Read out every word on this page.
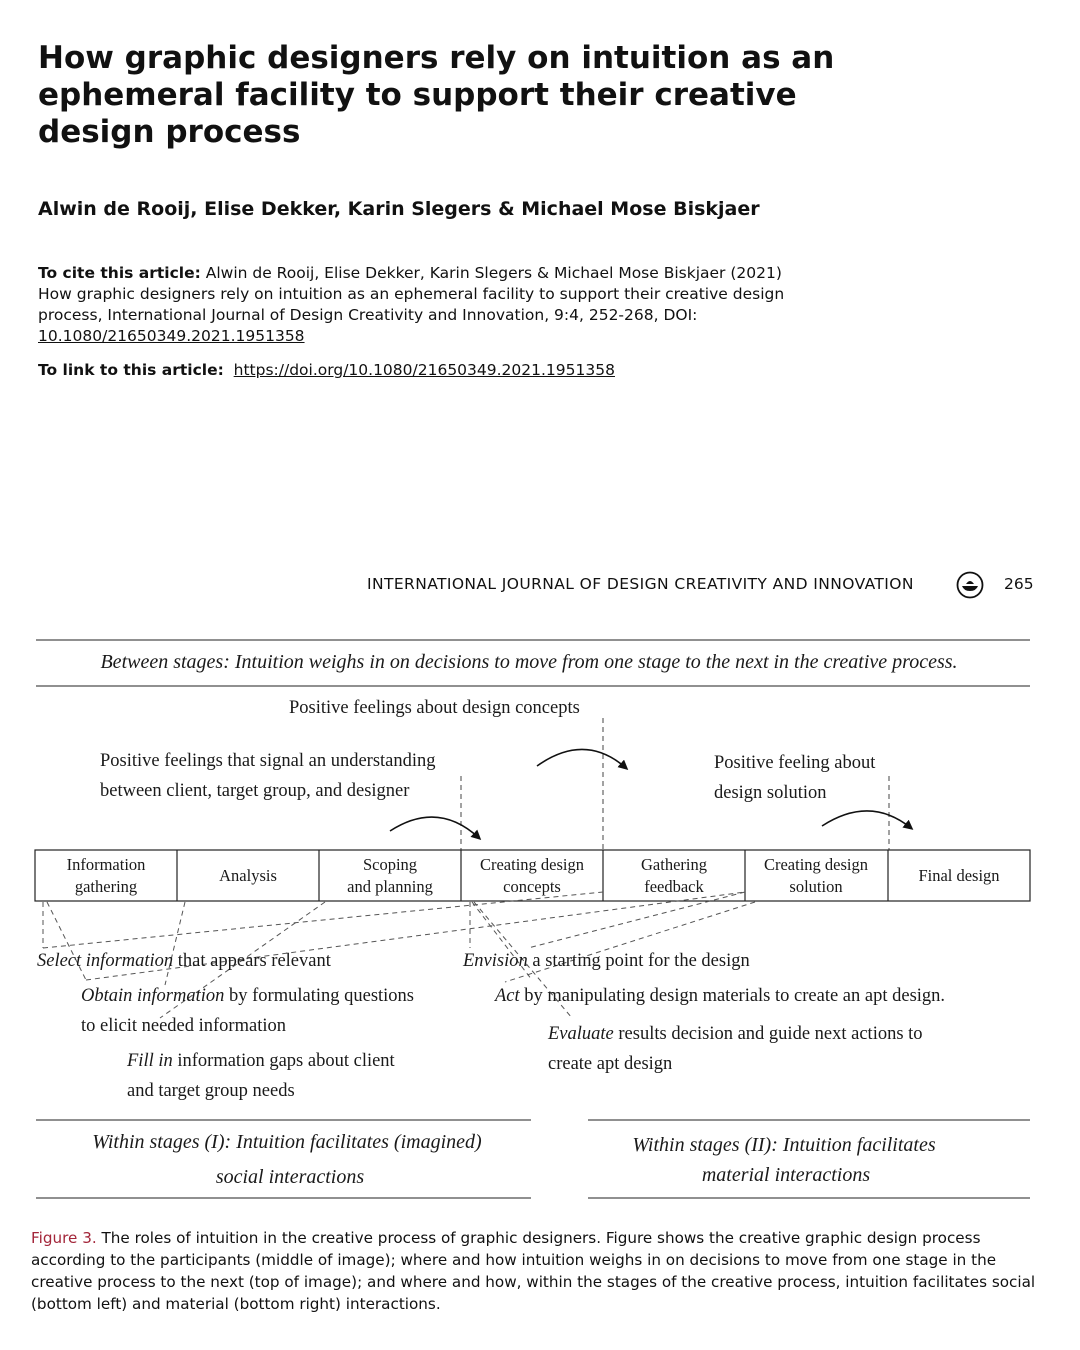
How graphic designers rely on intuition as an ephemeral facility to support their creative design process
Alwin de Rooij, Elise Dekker, Karin Slegers & Michael Mose Biskjaer
To cite this article: Alwin de Rooij, Elise Dekker, Karin Slegers & Michael Mose Biskjaer (2021) How graphic designers rely on intuition as an ephemeral facility to support their creative design process, International Journal of Design Creativity and Innovation, 9:4, 252-268, DOI: 10.1080/21650349.2021.1951358
To link to this article: https://doi.org/10.1080/21650349.2021.1951358
INTERNATIONAL JOURNAL OF DESIGN CREATIVITY AND INNOVATION	265
Between stages: Intuition weighs in on decisions to move from one stage to the next in the creative process.
Positive feelings about design concepts
Positive feelings that signal an understanding
between client, target group, and designer
Positive feeling about
design solution
Information
gathering
Analysis
Scoping
and planning
Creating design
concepts
Gathering
feedback
Creating design
solution
Final design
Select information that appears relevant
Obtain information by formulating questions
to elicit needed information
Fill in information gaps about client
and target group needs
Envision a starting point for the design
Act by manipulating design materials to create an apt design.
Evaluate results decision and guide next actions to
create apt design
Within stages (I): Intuition facilitates (imagined)
social interactions
Within stages (II): Intuition facilitates
material interactions
Figure 3. The roles of intuition in the creative process of graphic designers. Figure shows the creative graphic design process according to the participants (middle of image); where and how intuition weighs in on decisions to move from one stage in the creative process to the next (top of image); and where and how, within the stages of the creative process, intuition facilitates social (bottom left) and material (bottom right) interactions.
